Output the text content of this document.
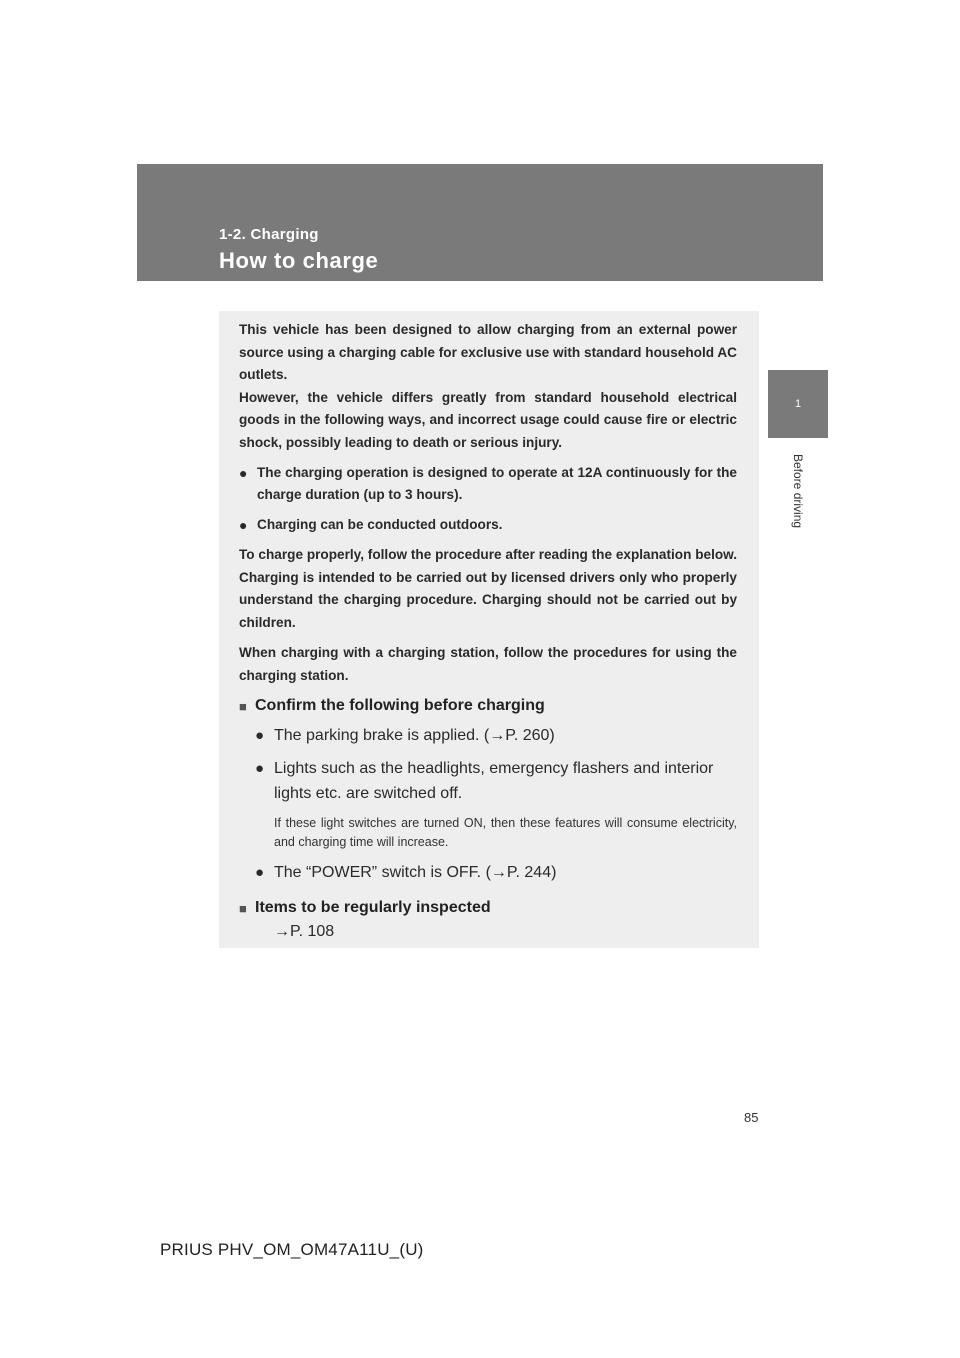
1-2. Charging
How to charge
1
Before driving

This vehicle has been designed to allow charging from an external power source using a charging cable for exclusive use with standard household AC outlets.

However, the vehicle differs greatly from standard household electrical goods in the following ways, and incorrect usage could cause fire or electric shock, possibly leading to death or serious injury.

● The charging operation is designed to operate at 12A continuously for the charge duration (up to 3 hours).
● Charging can be conducted outdoors.

To charge properly, follow the procedure after reading the explanation below. Charging is intended to be carried out by licensed drivers only who properly understand the charging procedure. Charging should not be carried out by children.

When charging with a charging station, follow the procedures for using the charging station.

■ Confirm the following before charging
● The parking brake is applied. (→P. 260)
● Lights such as the headlights, emergency flashers and interior lights etc. are switched off.
If these light switches are turned ON, then these features will consume electricity, and charging time will increase.
● The “POWER” switch is OFF. (→P. 244)
■ Items to be regularly inspected
→P. 108
85
PRIUS PHV_OM_OM47A11U_(U)
